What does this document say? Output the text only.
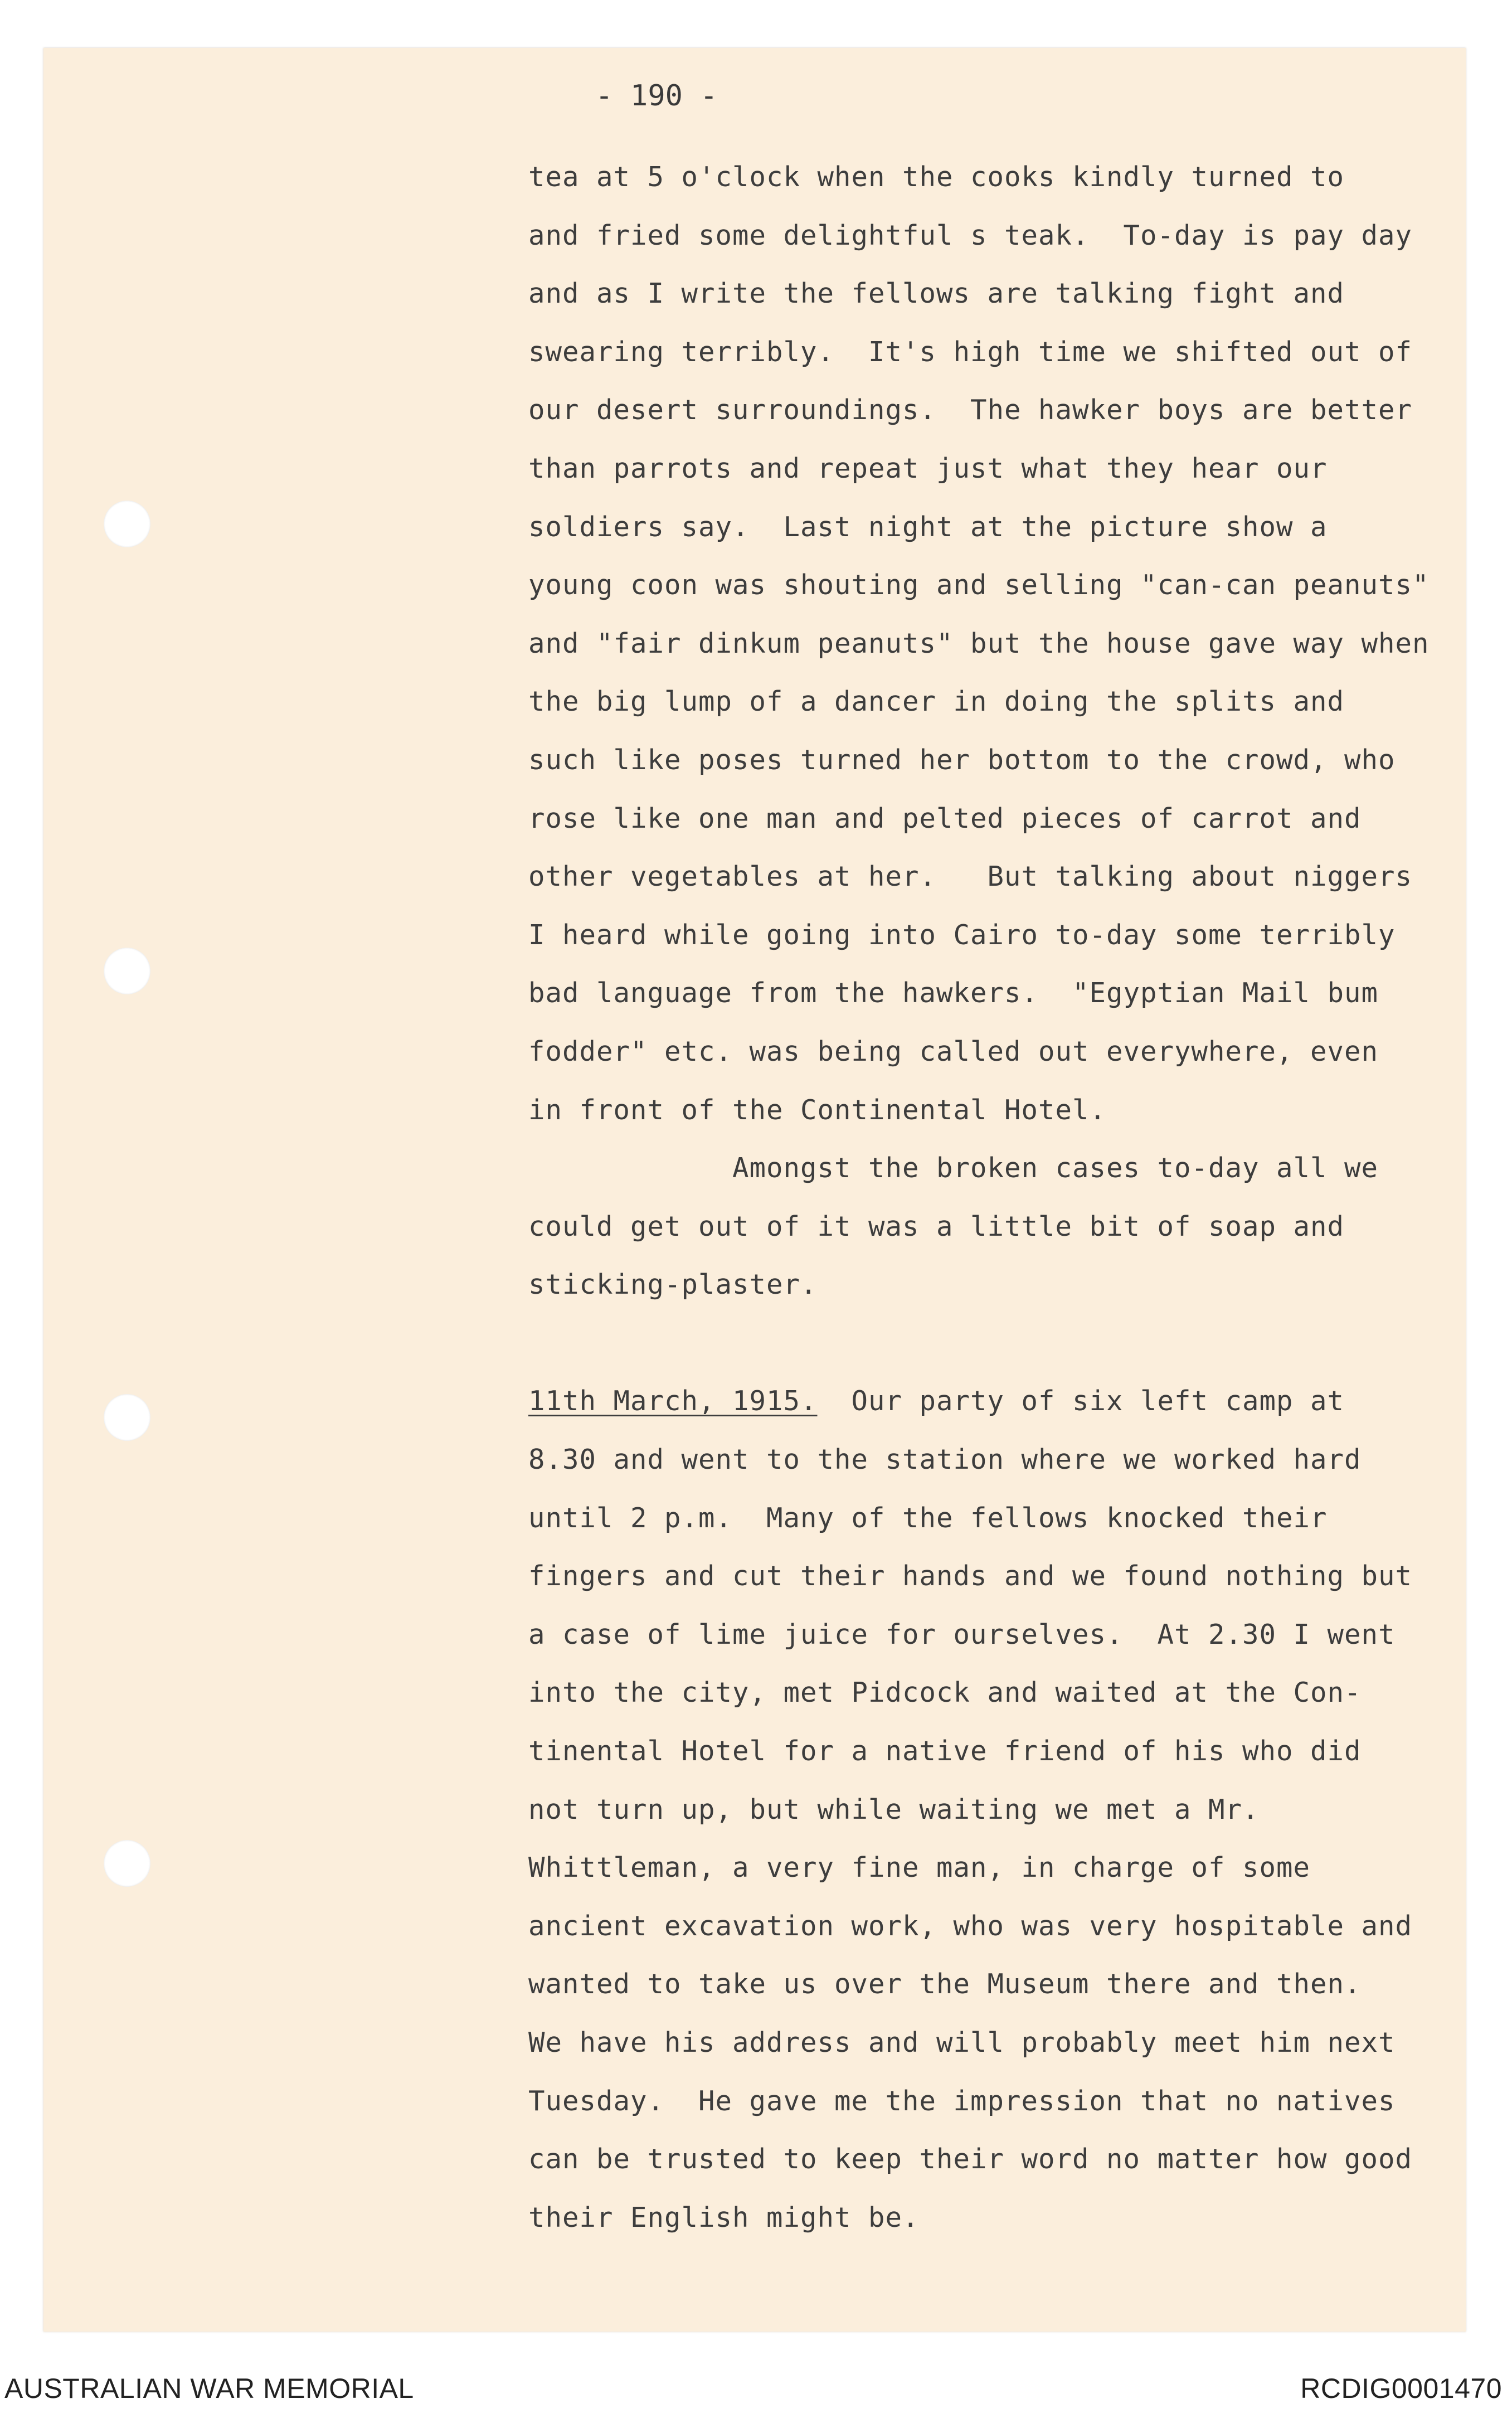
- 190 -
tea at 5 o'clock when the cooks kindly turned to
and fried some delightful s teak.  To-day is pay day
and as I write the fellows are talking fight and
swearing terribly.  It's high time we shifted out of
our desert surroundings.  The hawker boys are better
than parrots and repeat just what they hear our
soldiers say.  Last night at the picture show a
young coon was shouting and selling "can-can peanuts"
and "fair dinkum peanuts" but the house gave way when
the big lump of a dancer in doing the splits and
such like poses turned her bottom to the crowd, who
rose like one man and pelted pieces of carrot and
other vegetables at her.   But talking about niggers
I heard while going into Cairo to-day some terribly
bad language from the hawkers.  "Egyptian Mail bum
fodder" etc. was being called out everywhere, even
in front of the Continental Hotel.
Amongst the broken cases to-day all we
could get out of it was a little bit of soap and
sticking-plaster.
11th March, 1915.  Our party of six left camp at
8.30 and went to the station where we worked hard
until 2 p.m.  Many of the fellows knocked their
fingers and cut their hands and we found nothing but
a case of lime juice for ourselves.  At 2.30 I went
into the city, met Pidcock and waited at the Con-
tinental Hotel for a native friend of his who did
not turn up, but while waiting we met a Mr.
Whittleman, a very fine man, in charge of some
ancient excavation work, who was very hospitable and
wanted to take us over the Museum there and then.
We have his address and will probably meet him next
Tuesday.  He gave me the impression that no natives
can be trusted to keep their word no matter how good
their English might be.
AUSTRALIAN WAR MEMORIAL	RCDIG0001470
